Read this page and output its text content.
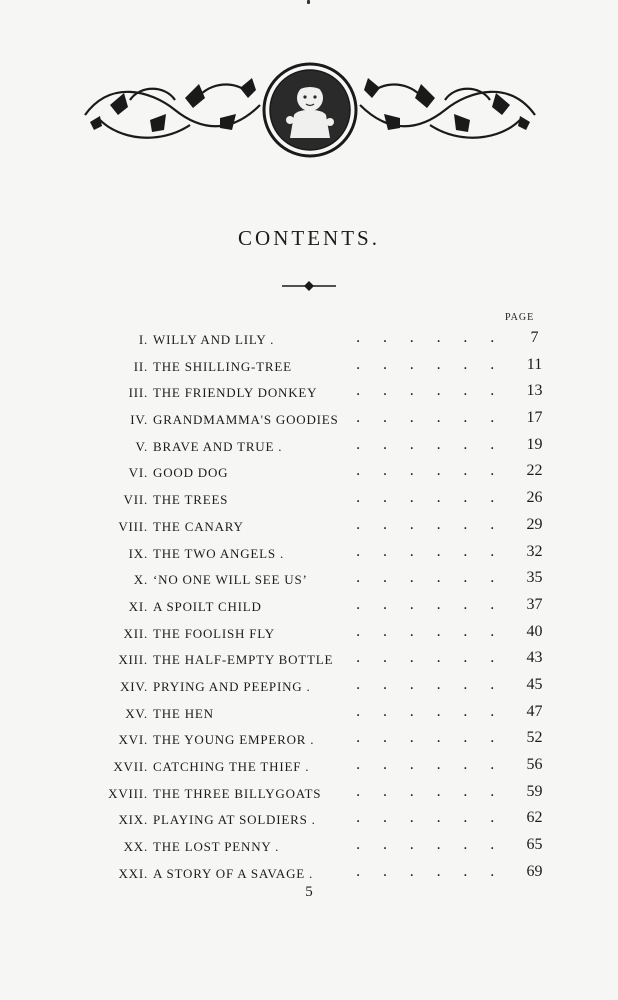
CONTENTS.
PAGE
I. WILLY AND LILY .	. . . . . .	7
II. THE SHILLING-TREE	. . . . . . 11
III. THE FRIENDLY DONKEY . . . . . . 13
IV. GRANDMAMMA'S GOODIES . . . . . . 17
V. BRAVE AND TRUE .	. . . . . . 19
VI. GOOD DOG	. . . . . . 22
VII. THE TREES	. . . . . . 26
VIII. THE CANARY	. . . . . . 29
IX. THE TWO ANGELS .	. . . . . . 32
X. ‘NO ONE WILL SEE US’	. . . . . . 35
XI. A SPOILT CHILD	. . . . . . 37
XII. THE FOOLISH FLY	. . . . . . 40
XIII. THE HALF-EMPTY BOTTLE . . . . . . 43
XIV. PRYING AND PEEPING .	. . . . . . 45
XV. THE HEN	. . . . . . 47
XVI. THE YOUNG EMPEROR .	. . . . . . 52
XVII. CATCHING THE THIEF .	. . . . . . 56
XVIII. THE THREE BILLYGOATS . . . . . . 59
XIX. PLAYING AT SOLDIERS .	. . . . . . 62
XX. THE LOST PENNY .	. . . . . . 65
XXI. A STORY OF A SAVAGE .	. . . . . . 69
5
